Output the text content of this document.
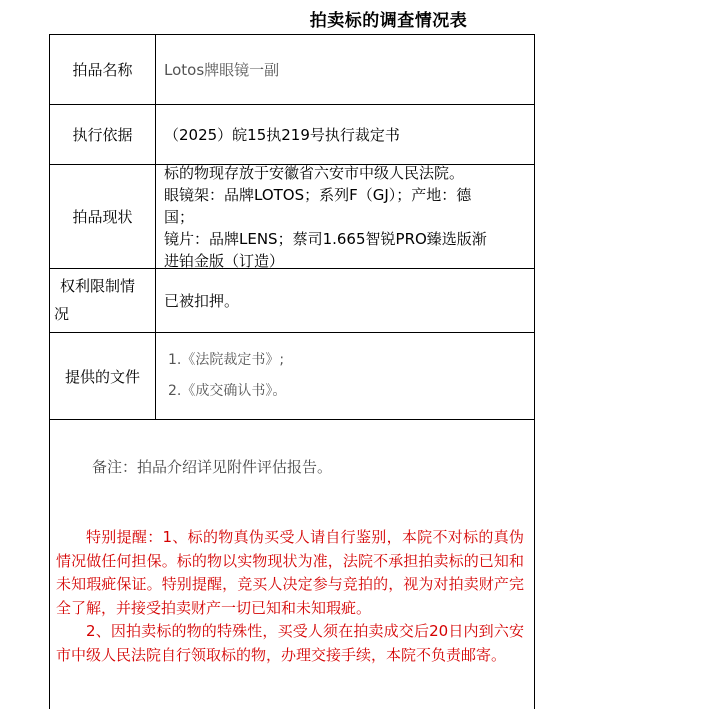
拍卖标的调查情况表
拍品名称	Lotos牌眼镜一副
执行依据	（2025）皖15执219号执行裁定书
拍品现状
标的物现存放于安徽省六安市中级人民法院。
眼镜架：品牌LOTOS；系列F（GJ）；产地：德
国；
镜片：品牌LENS；蔡司1.665智锐PRO臻选版渐
进铂金版（订造）
权利限制情
况
已被扣押。
提供的文件
1.《法院裁定书》;
2.《成交确认书》。
备注：拍品介绍详见附件评估报告。

特别提醒：1、标的物真伪买受人请自行鉴别，本院不对标的真伪情况做任何担保。标的物以实物现状为准，法院不承担拍卖标的已知和未知瑕疵保证。特别提醒，竞买人决定参与竞拍的，视为对拍卖财产完全了解，并接受拍卖财产一切已知和未知瑕疵。

2、因拍卖标的物的特殊性，买受人须在拍卖成交后20日内到六安市中级人民法院自行领取标的物，办理交接手续，本院不负责邮寄。
